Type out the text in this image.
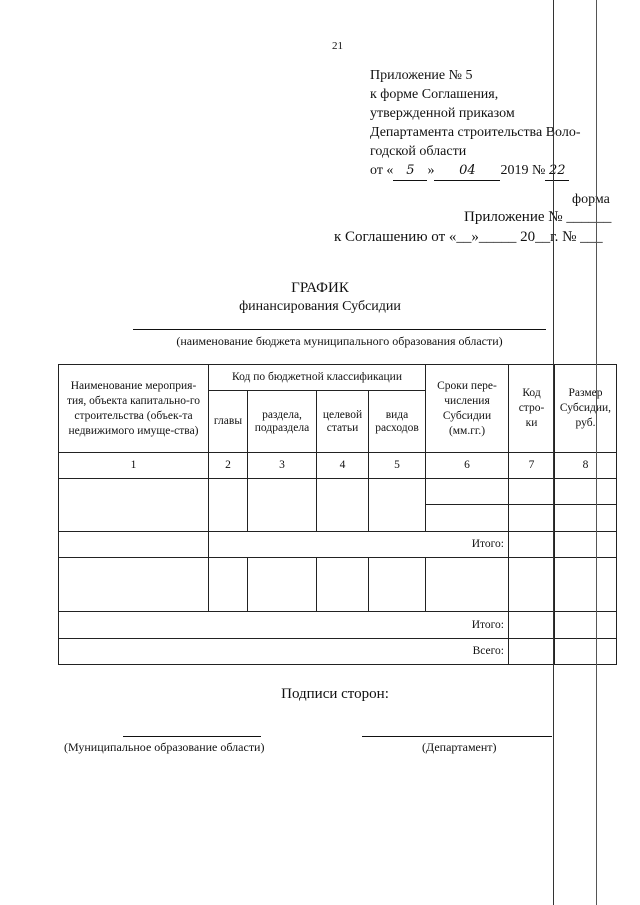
21
Приложение № 5
к форме Соглашения,
утвержденной приказом
Департамента строительства Воло-
годской области
от « 5 » 04 2019 № 22
форма
Приложение № ______
к Соглашению от «__»_____ 20__г. № ___
ГРАФИК
финансирования Субсидии
(наименование бюджета муниципального образования области)
Наименование мероприя-тия, объекта капитально-го строительства (объек-та недвижимого имуще-ства)	Код по бюджетной классификации				Сроки пере-числения Субсидии (мм.гг.)	Код стро-ки	Размер Субсидии, руб.
	главы	раздела, подраздела	целевой статьи	вида расходов			
1	2	3	4	5	6	7	8

	Итого:						

Итого:							
Всего:							
Подписи сторон:
(Муниципальное образование области)	(Департамент)
